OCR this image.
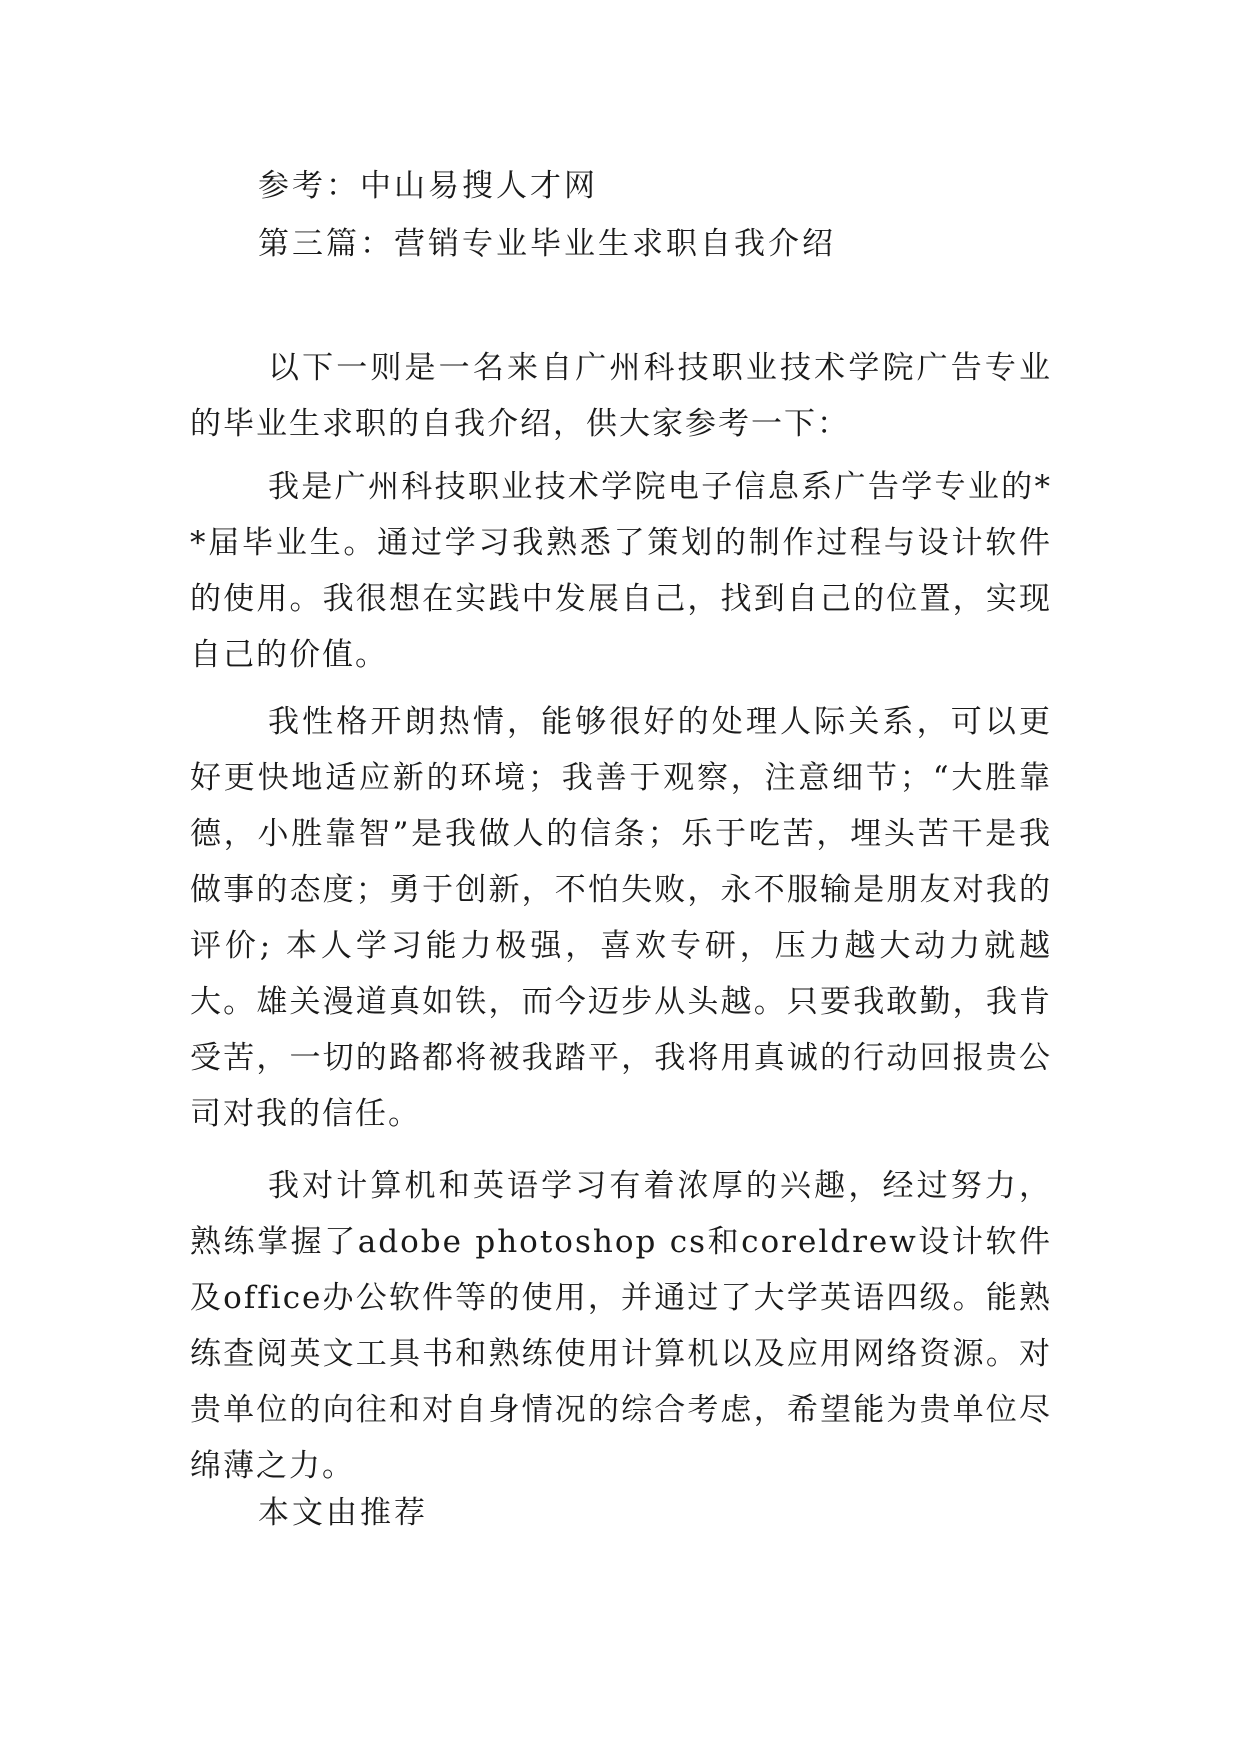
参考：中山易搜人才网

第三篇：营销专业毕业生求职自我介绍

以下一则是一名来自广州科技职业技术学院广告专业的毕业生求职的自我介绍，供大家参考一下：

我是广州科技职业技术学院电子信息系广告学专业的**届毕业生。通过学习我熟悉了策划的制作过程与设计软件的使用。我很想在实践中发展自己，找到自己的位置，实现自己的价值。

我性格开朗热情，能够很好的处理人际关系，可以更好更快地适应新的环境；我善于观察，注意细节；“大胜靠德，小胜靠智”是我做人的信条；乐于吃苦，埋头苦干是我做事的态度；勇于创新，不怕失败，永不服输是朋友对我的评价; 本人学习能力极强，喜欢专研，压力越大动力就越大。雄关漫道真如铁，而今迈步从头越。只要我敢勤，我肯受苦，一切的路都将被我踏平，我将用真诚的行动回报贵公司对我的信任。

我对计算机和英语学习有着浓厚的兴趣，经过努力，熟练掌握了adobe photoshop cs和coreldrew设计软件及office办公软件等的使用，并通过了大学英语四级。能熟练查阅英文工具书和熟练使用计算机以及应用网络资源。对贵单位的向往和对自身情况的综合考虑，希望能为贵单位尽绵薄之力。

本文由推荐
